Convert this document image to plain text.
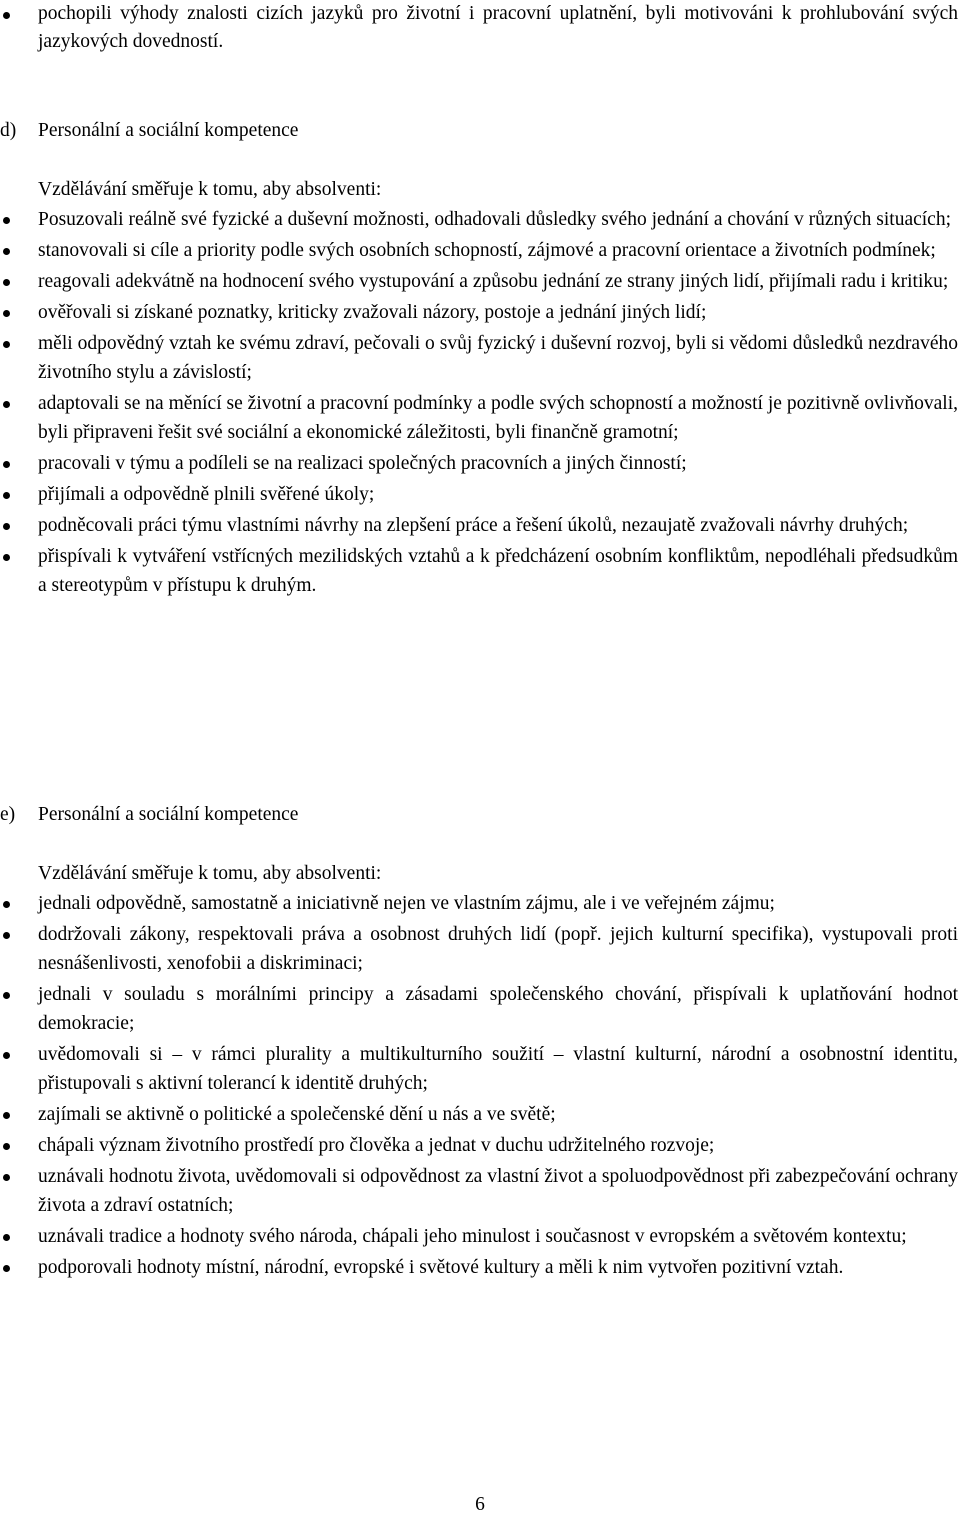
pochopili výhody znalosti cizích jazyků pro životní i pracovní uplatnění, byli motivováni k prohlubování svých jazykových dovedností.
d) Personální a sociální kompetence
Vzdělávání směřuje k tomu, aby absolventi:
Posuzovali reálně své fyzické a duševní možnosti, odhadovali důsledky svého jednání a chování v různých situacích;
stanovovali si cíle a priority podle svých osobních schopností, zájmové a pracovní orientace a životních podmínek;
reagovali adekvátně na hodnocení svého vystupování a způsobu jednání ze strany jiných lidí, přijímali radu i kritiku;
ověřovali si získané poznatky, kriticky zvažovali názory, postoje a jednání jiných lidí;
měli odpovědný vztah ke svému zdraví, pečovali o svůj fyzický i duševní rozvoj, byli si vědomi důsledků nezdravého životního stylu a závislostí;
adaptovali se na měnící se životní a pracovní podmínky a podle svých schopností a možností je pozitivně ovlivňovali, byli připraveni řešit své sociální a ekonomické záležitosti, byli finančně gramotní;
pracovali v týmu a podíleli se na realizaci společných pracovních a jiných činností;
přijímali a odpovědně plnili svěřené úkoly;
podněcovali práci týmu vlastními návrhy na zlepšení práce a řešení úkolů, nezaujatě zvažovali návrhy druhých;
přispívali k vytváření vstřícných mezilidských vztahů a k předcházení osobním konfliktům, nepodléhali předsudkům a stereotypům v přístupu k druhým.
e) Personální a sociální kompetence
Vzdělávání směřuje k tomu, aby absolventi:
jednali odpovědně, samostatně a iniciativně nejen ve vlastním zájmu, ale i ve veřejném zájmu;
dodržovali zákony, respektovali práva a osobnost druhých lidí (popř. jejich kulturní specifika), vystupovali proti nesnášenlivosti, xenofobii a diskriminaci;
jednali v souladu s morálními principy a zásadami společenského chování, přispívali k uplatňování hodnot demokracie;
uvědomovali si – v rámci plurality a multikulturního soužití – vlastní kulturní, národní a osobnostní identitu, přistupovali s aktivní tolerancí k identitě druhých;
zajímali se aktivně o politické a společenské dění u nás a ve světě;
chápali význam životního prostředí pro člověka a jednat v duchu udržitelného rozvoje;
uznávali hodnotu života, uvědomovali si odpovědnost za vlastní život a spoluodpovědnost při zabezpečování ochrany života a zdraví ostatních;
uznávali tradice a hodnoty svého národa, chápali jeho minulost i současnost v evropském a světovém kontextu;
podporovali hodnoty místní, národní, evropské i světové kultury a měli k nim vytvořen pozitivní vztah.
6
